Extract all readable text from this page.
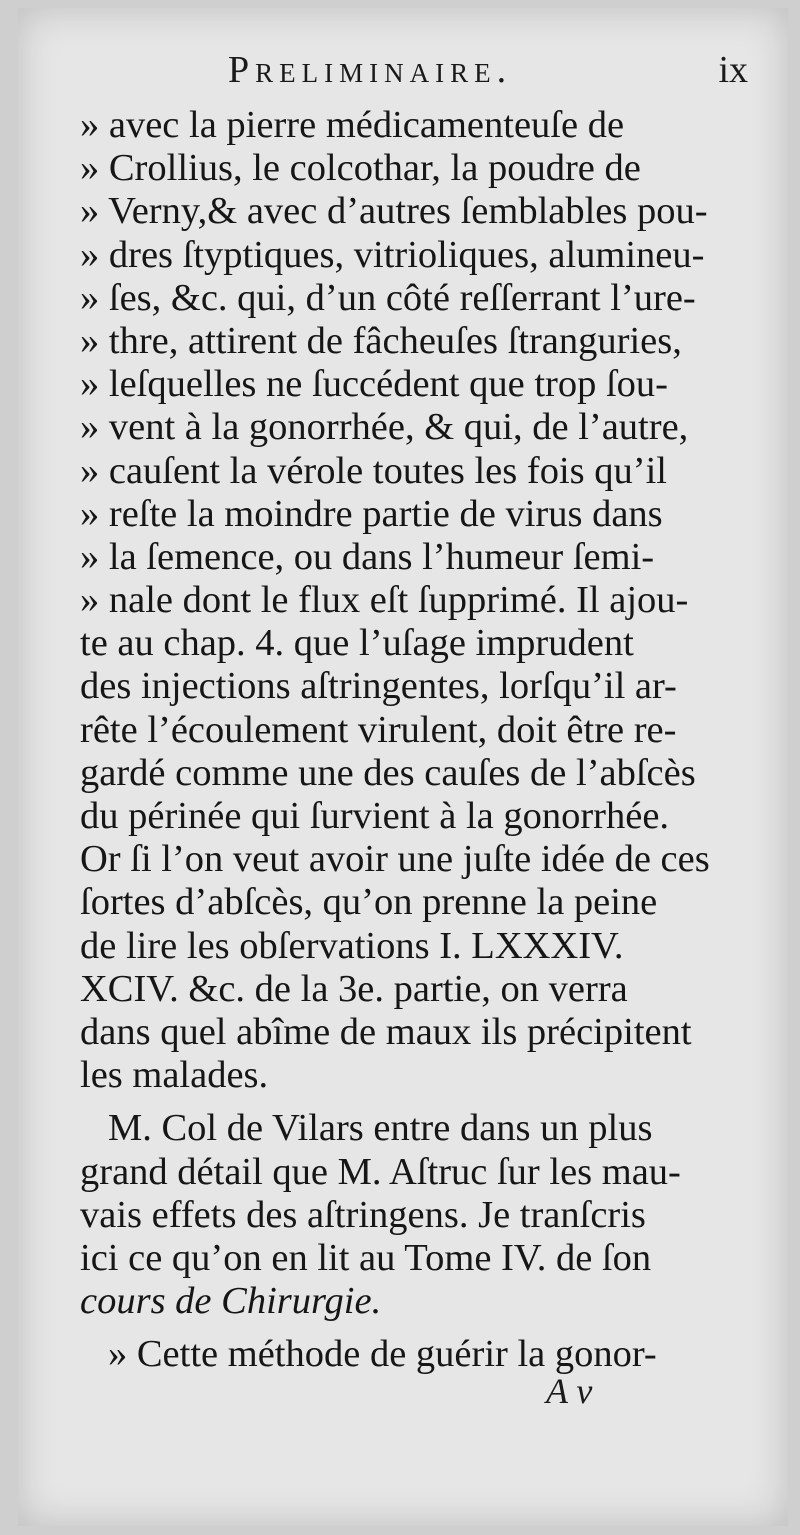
Preliminaire.	ix
» avec la pierre médicamenteuſe de
» Crollius, le colcothar, la poudre de
» Verny,& avec d’autres ſemblables pou-
» dres ſtyptiques, vitrioliques, alumineu-
» ſes, &c. qui, d’un côté reſſerrant l’ure-
» thre, attirent de fâcheuſes ſtranguries,
» leſquelles ne ſuccédent que trop ſou-
» vent à la gonorrhée, & qui, de l’autre,
» cauſent la vérole toutes les fois qu’il
» reſte la moindre partie de virus dans
» la ſemence, ou dans l’humeur ſemi-
» nale dont le flux eſt ſupprimé. Il ajou-
te au chap. 4. que l’uſage imprudent
des injections aſtringentes, lorſqu’il ar-
rête l’écoulement virulent, doit être re-
gardé comme une des cauſes de l’abſcès
du périnée qui ſurvient à la gonorrhée.
Or ſi l’on veut avoir une juſte idée de ces
ſortes d’abſcès, qu’on prenne la peine
de lire les obſervations I. LXXXIV.
XCIV. &c. de la 3e. partie, on verra
dans quel abîme de maux ils précipitent
les malades.
M. Col de Vilars entre dans un plus
grand détail que M. Aſtruc ſur les mau-
vais effets des aſtringens. Je tranſcris
ici ce qu’on en lit au Tome IV. de ſon
cours de Chirurgie.
» Cette méthode de guérir la gonor-
A v
